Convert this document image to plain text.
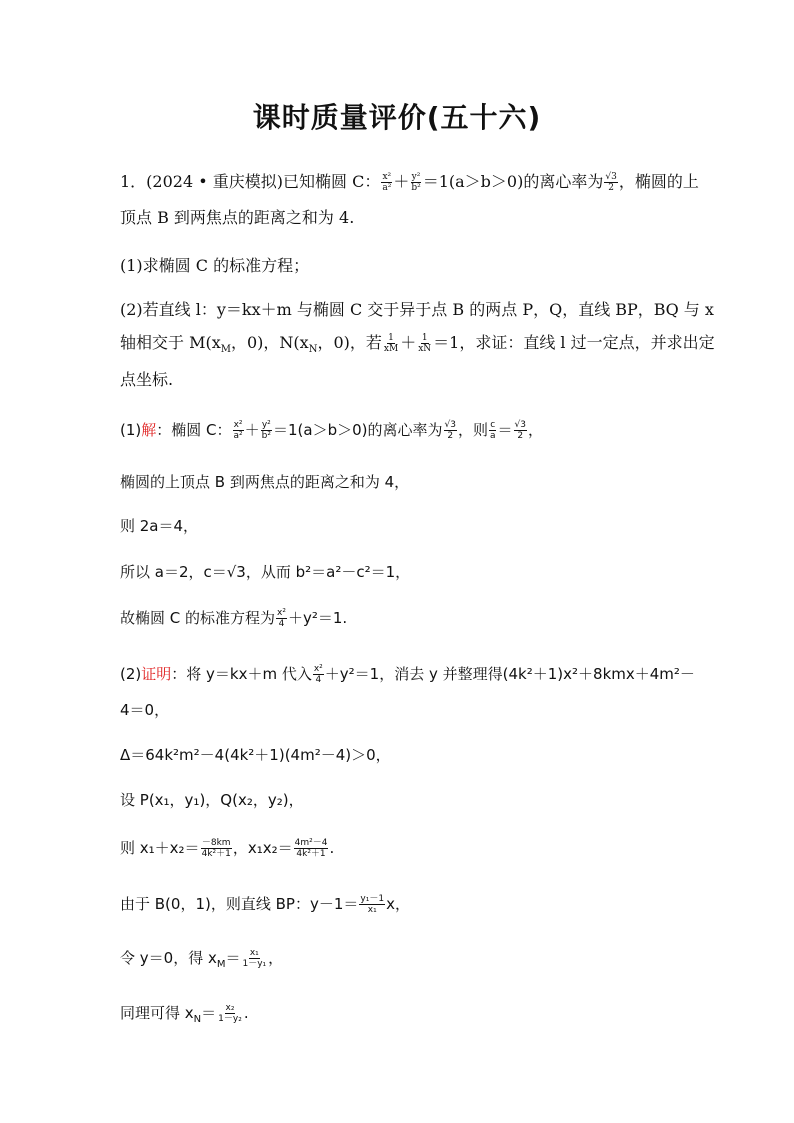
课时质量评价(五十六)
1．(2024 • 重庆模拟)已知椭圆 C： $\frac{\text{x²}}{\text{a²}} + \frac{\text{y²}}{\text{b²}} =1(a>b>0)$的离心率为 $\frac{√3}{2}$ ，椭圆的上
顶点 B 到两焦点的距离之和为 4.
(1)求椭圆 C 的标准方程；
(2)若直线 l：y＝kx＋m 与椭圆 C 交于异于点 B 的两点 P，Q，直线 BP，BQ 与 x
轴相交于 $M(x_M$，0)，$N(x_N$，0)，若 $\frac{1}{xM} + \frac{1}{xN} =1$，求证：直线 l 过一定点，并求出定
点坐标.
(1)解：椭圆 C： $\frac{\text{x²}}{\text{a²}} + \frac{\text{y²}}{\text{b²}} =1(a>b>0)$的离心率为 $\frac{√3}{2}$ ，则 $\frac{c}{a} = \frac{√3}{2}$ ，
椭圆的上顶点 B 到两焦点的距离之和为 4，
则 2a＝4，
所以 a＝2，c＝√3，从而 b²＝a²－c²＝1，
故椭圆 C 的标准方程为 $\frac{\text{x²}}{4} +y^2=1$.
(2)证明：将 y＝kx＋m 代入 $\frac{\text{x²}}{4} +y^2=1$，消去 y 并整理得(4k²＋1)x²＋8kmx＋4m²－
4＝0，
Δ＝64k²m²－4(4k²＋1)(4m²－4)＞0，
设 P(x₁，y₁)，Q(x₂，y₂)，
则 $x_1+x_2= \frac{-8km}{\text{4k²＋1}}$ ，$x_1x_2= \frac{\text{4m²－4}}{\text{4k²＋1}}$ .
由于 B(0，1)，则直线 BP：$y-1= \frac{\text{y₁－1}}{\text{x₁}}$ x，
令 y＝0，得 $x_M= \frac{\text{x₁}}{\text{1－y₁}}$ ，
同理可得 $x_N= \frac{\text{x₂}}{\text{1－y₂}}$ .
